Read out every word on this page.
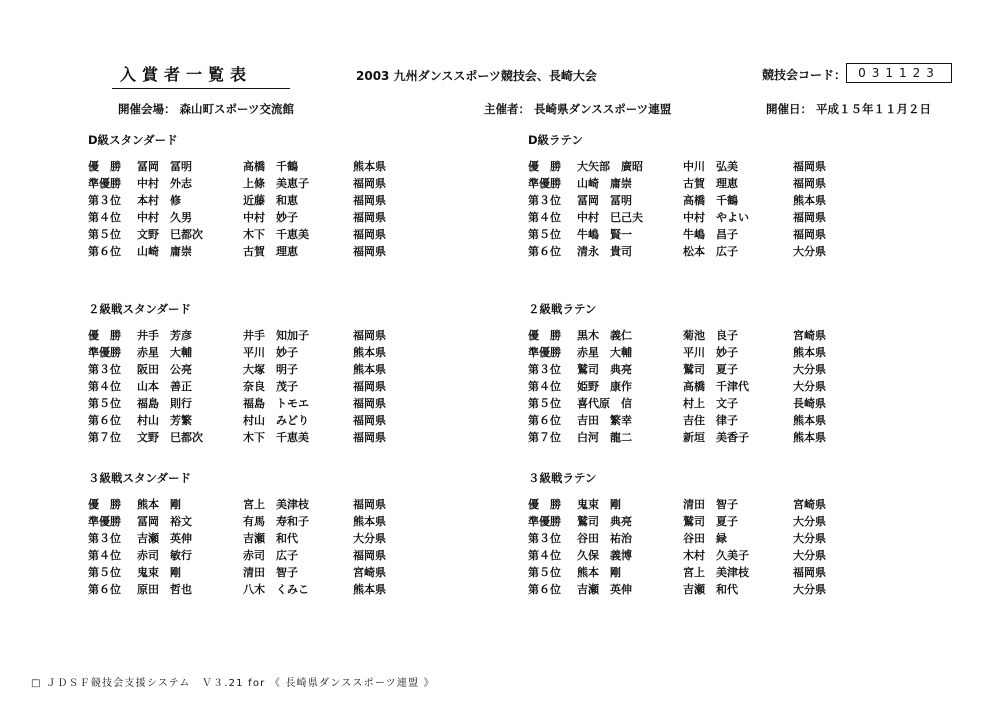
入賞者一覧表	2003 九州ダンススポーツ競技会、長崎大会	競技会コード：	031123
開催会場： 森山町スポーツ交流館	主催者： 長崎県ダンススポーツ連盟	開催日： 平成１５年１１月２日
D級スタンダード
優　勝 冨岡　冨明	高橋　千鶴	熊本県
準優勝 中村　外志	上條　美恵子	福岡県
第３位 本村　修	近藤　和恵	福岡県
第４位 中村　久男	中村　妙子	福岡県
第５位 文野　巳都次	木下　千恵美	福岡県
第６位 山崎　庸崇	古賀　理恵	福岡県
D級ラテン
優　勝 大矢部　廣昭	中川　弘美	福岡県
準優勝 山崎　庸崇	古賀　理恵	福岡県
第３位 冨岡　冨明	高橋　千鶴	熊本県
第４位 中村　巳己夫	中村　やよい	福岡県
第５位 牛嶋　賢一	牛嶋　昌子	福岡県
第６位 清永　貴司	松本　広子	大分県
２級戦スタンダード
優　勝 井手　芳彦	井手　知加子	福岡県
準優勝 赤星　大輔	平川　妙子	熊本県
第３位 阪田　公亮	大塚　明子	熊本県
第４位 山本　善正	奈良　茂子	福岡県
第５位 福島　則行	福島　トモエ	福岡県
第６位 村山　芳繁	村山　みどり	福岡県
第７位 文野　巳都次	木下　千恵美	福岡県
２級戦ラテン
優　勝 黒木　義仁	菊池　良子	宮崎県
準優勝 赤星　大輔	平川　妙子	熊本県
第３位 鷲司　典亮	鷲司　夏子	大分県
第４位 姫野　康作	高橋　千津代	大分県
第５位 喜代原　信	村上　文子	長崎県
第６位 吉田　繁幸	吉住　律子	熊本県
第７位 白河　龍二	新垣　美香子	熊本県
３級戦スタンダード
優　勝 熊本　剛	宮上　美津枝	福岡県
準優勝 冨岡　裕文	有馬　寿和子	熊本県
第３位 吉瀬　英伸	吉瀬　和代	大分県
第４位 赤司　敏行	赤司　広子	福岡県
第５位 鬼束　剛	清田　智子	宮崎県
第６位 原田　哲也	八木　くみこ	熊本県
３級戦ラテン
優　勝 鬼束　剛	清田　智子	宮崎県
準優勝 鷲司　典亮	鷲司　夏子	大分県
第３位 谷田　祐治	谷田　緑	大分県
第４位 久保　義博	木村　久美子	大分県
第５位 熊本　剛	宮上　美津枝	福岡県
第６位 吉瀬　英伸	吉瀬　和代	大分県
□ ＪＤＳＦ競技会支援システム　Ｖ３.21 for 《 長崎県ダンススポーツ連盟 》
